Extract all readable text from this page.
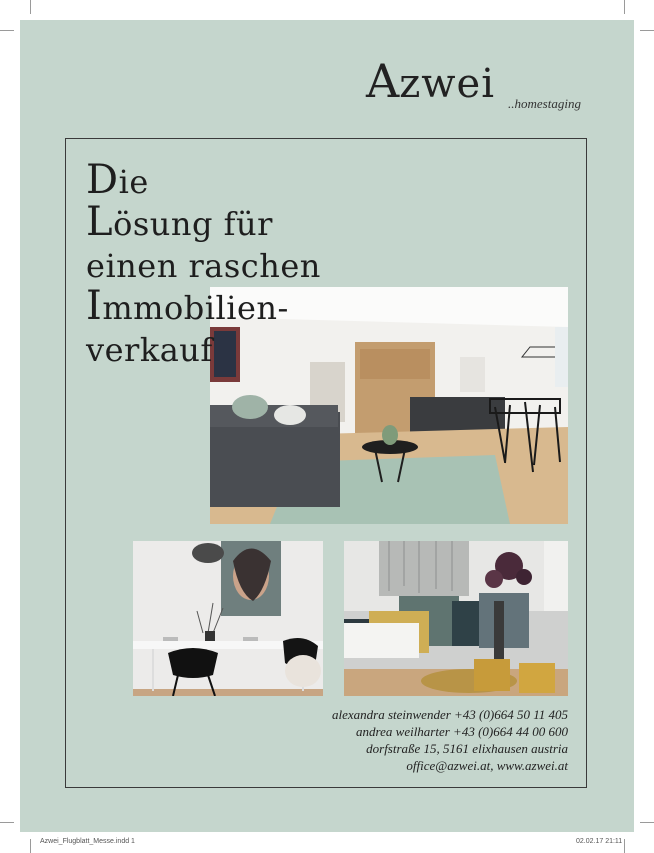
Azwei ..homestaging
Die
Lösung für
einen raschen
Immobilien-
verkauf
alexandra steinwender +43 (0)664 50 11 405
andrea weilharter +43 (0)664 44 00 600
dorfstraße 15, 5161 elixhausen austria
office@azwei.at, www.azwei.at
Azwei_Flugblatt_Messe.indd 1	02.02.17 21:11
